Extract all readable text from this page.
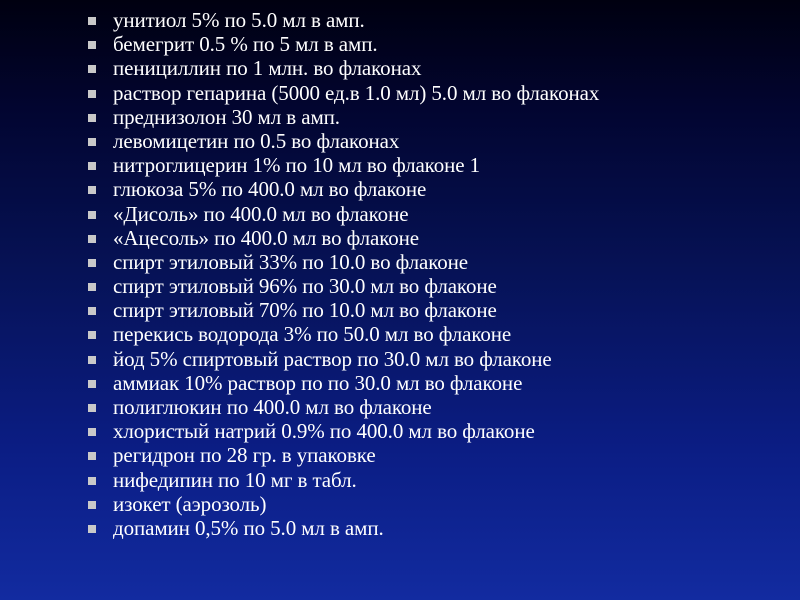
унитиол 5% по 5.0 мл в амп.
бемегрит 0.5 % по 5 мл в амп.
пенициллин по 1 млн. во флаконах
раствор гепарина (5000 ед.в 1.0 мл) 5.0 мл во флаконах
преднизолон 30 мл в амп.
левомицетин по 0.5 во флаконах
нитроглицерин 1% по 10 мл во флаконе 1
глюкоза 5% по 400.0 мл во флаконе
«Дисоль» по 400.0 мл во флаконе
«Ацесоль» по 400.0 мл во флаконе
спирт этиловый 33% по 10.0 во флаконе
спирт этиловый 96% по 30.0 мл во флаконе
спирт этиловый 70% по 10.0 мл во флаконе
перекись водорода 3% по 50.0 мл во флаконе
йод 5% спиртовый раствор по 30.0 мл во флаконе
аммиак 10% раствор по по 30.0 мл во флаконе
полиглюкин по 400.0 мл во флаконе
хлористый натрий 0.9% по 400.0 мл во флаконе
регидрон по 28 гр. в упаковке
нифедипин по 10 мг в табл.
изокет (аэрозоль)
допамин 0,5% по 5.0 мл в амп.
